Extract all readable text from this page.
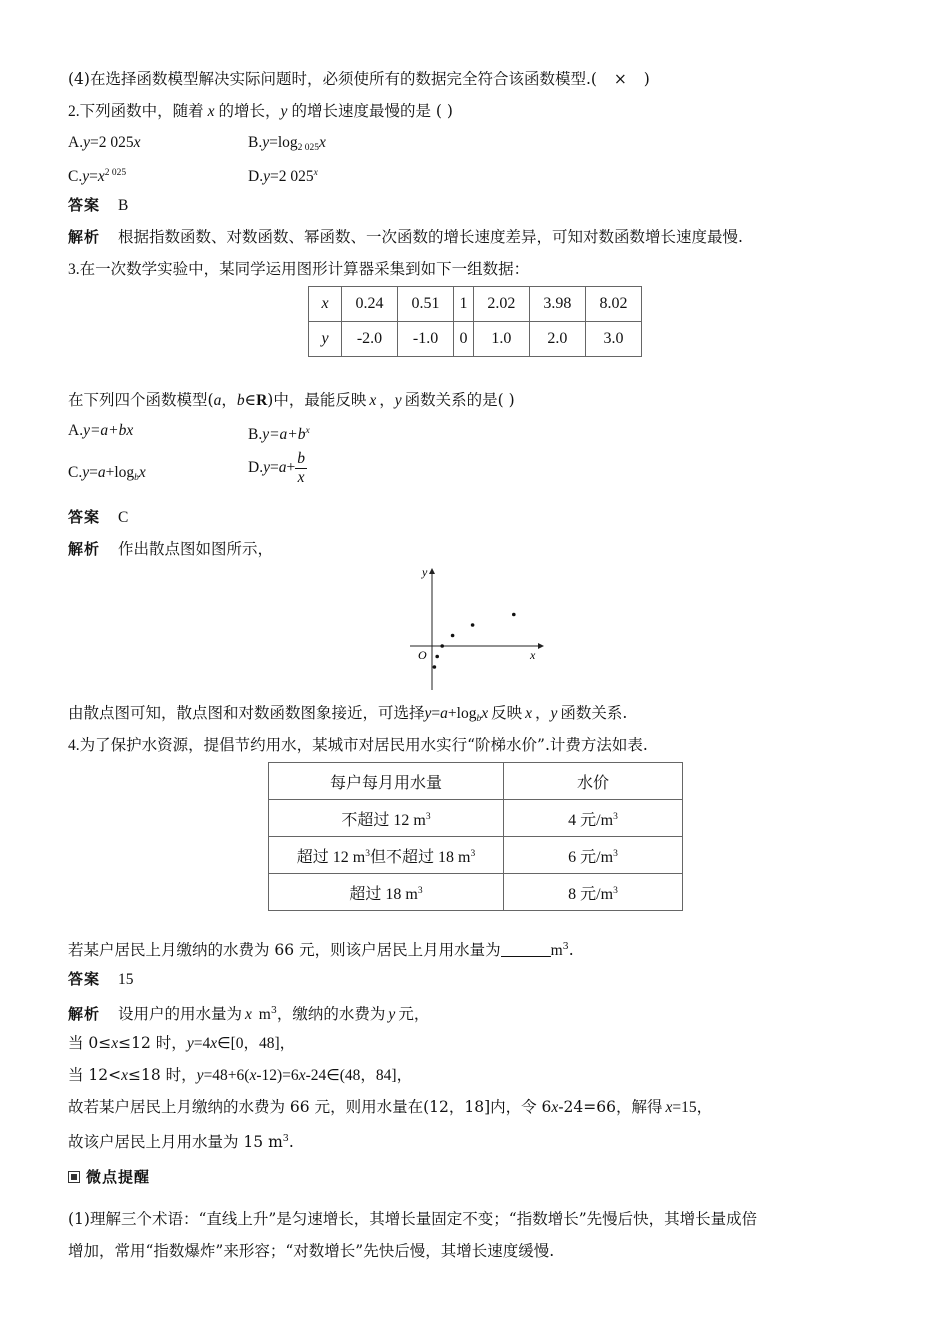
(4)在选择函数模型解决实际问题时，必须使所有的数据完全符合该函数模型.( × )
2.下列函数中，随着 x 的增长，y 的增长速度最慢的是 ( )
A.y=2 025x	$B.y=\log_{2 025}x$
$C.y=x^{2 025}$	D.y=2 025$^x$
答案 B
解析 根据指数函数、对数函数、幂函数、一次函数的增长速度差异，可知对数函数增长速度最慢.
3.在一次数学实验中，某同学运用图形计算器采集到如下一组数据：
x	0.24	0.51	1	2.02	3.98	8.02
y	-2.0	-1.0	0	1.0	2.0	3.0
在下列四个函数模型(a，b∈R)中，最能反映 x ，y 函数关系的是( )
A.y=a+bx	$B.y=a+b^x$
$C.y=a+\log_bx$	$D.y=a+ \frac{b}{x}$
答案 C
解析 作出散点图如图所示，
y
x
O
由散点图可知，散点图和对数函数图象接近，可选择$y=a+\log_bx$ 反映 x ，y 函数关系.
4.为了保护水资源，提倡节约用水，某城市对居民用水实行“阶梯水价”.计费方法如表.
每户每月用水量	水价
不超过 12 $m^3$	4 元$/m^3$
超过 12 $m^3$但不超过 18 $m^3$	6 元$/m^3$
超过 18 $m^3$	8 元$/m^3$
若某户居民上月缴纳的水费为 66 元，则该户居民上月用水量为	$m^3$.
答案 15
解析 设用户的用水量为 x $m^3$，缴纳的水费为 y 元，
当 0≤x≤12 时，y=4x∈[0，48]，
当 12<x≤18 时，y=48+6(x-12)=6x-24∈(48，84]，
故若某户居民上月缴纳的水费为 66 元，则用水量在(12，18]内，令 6x-24=66，解得 x=15，
故该户居民上月用水量为 15 $m^3$.
微点提醒
(1)理解三个术语：“直线上升”是匀速增长，其增长量固定不变；“指数增长”先慢后快，其增长量成倍
增加，常用“指数爆炸”来形容；“对数增长”先快后慢，其增长速度缓慢.
